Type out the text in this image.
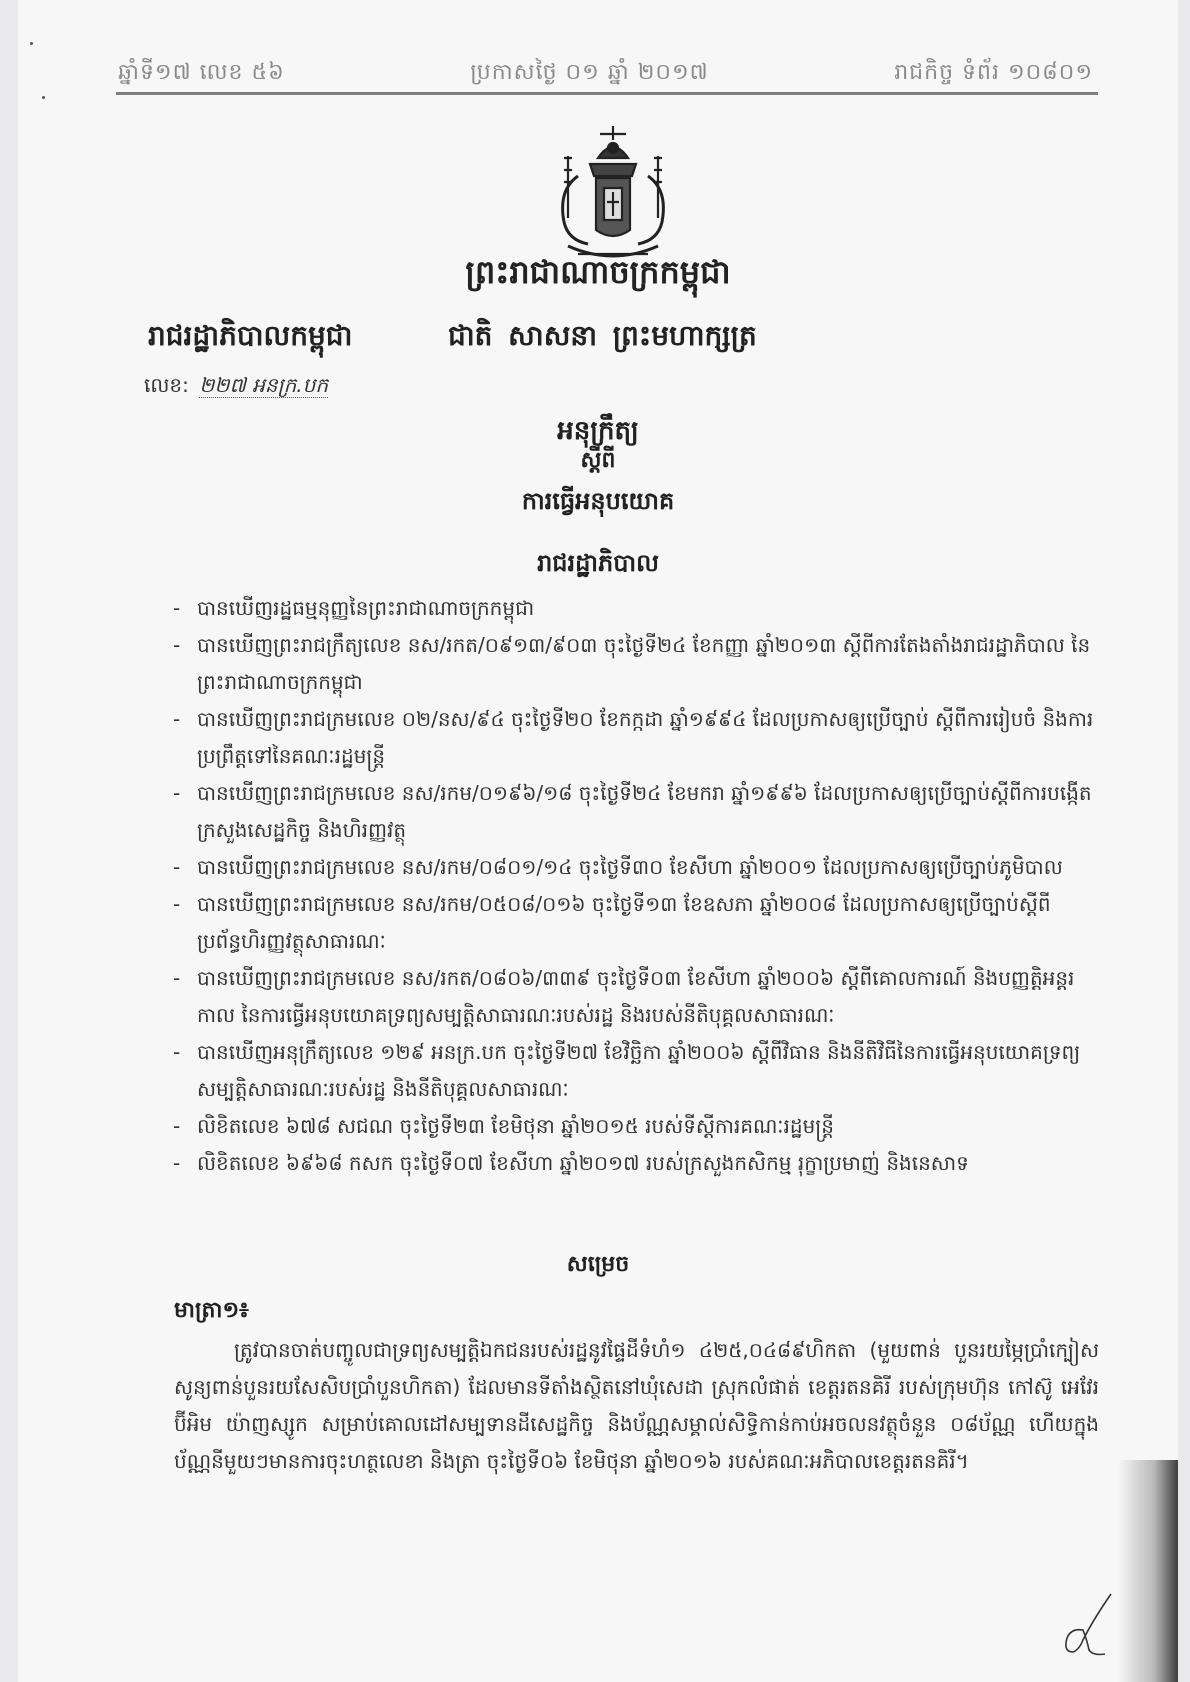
ឆ្នាំទី១៧ លេខ ៥៦	ប្រកាសថ្ងៃ ០១ ឆ្នាំ ២០១៧	រាជកិច្ច ទំព័រ ១០៨០១
ព្រះរាជាណាចក្រកម្ពុជា
រាជរដ្ឋាភិបាលកម្ពុជា	ជាតិ សាសនា ព្រះមហាក្សត្រ
លេខ: ២២៧ អនក្រ.បក
អនុក្រឹត្យ
ស្តីពី
ការធ្វើអនុបយោគ
រាជរដ្ឋាភិបាល
- បានឃើញរដ្ឋធម្មនុញ្ញនៃព្រះរាជាណាចក្រកម្ពុជា
- បានឃើញព្រះរាជក្រឹត្យលេខ នស/រកត/០៩១៣/៩០៣ ចុះថ្ងៃទី២៤ ខែកញ្ញា ឆ្នាំ២០១៣ ស្តីពីការតែងតាំងរាជរដ្ឋាភិបាល នៃព្រះរាជាណាចក្រកម្ពុជា
- បានឃើញព្រះរាជក្រមលេខ ០២/នស/៩៤ ចុះថ្ងៃទី២០ ខែកក្កដា ឆ្នាំ១៩៩៤ ដែលប្រកាសឲ្យប្រើច្បាប់ ស្តីពីការរៀបចំ និងការប្រព្រឹត្តទៅនៃគណៈរដ្ឋមន្ត្រី
- បានឃើញព្រះរាជក្រមលេខ នស/រកម/០១៩៦/១៨ ចុះថ្ងៃទី២៤ ខែមករា ឆ្នាំ១៩៩៦ ដែលប្រកាសឲ្យប្រើច្បាប់ស្តីពីការបង្កើតក្រសួងសេដ្ឋកិច្ច និងហិរញ្ញវត្ថុ
- បានឃើញព្រះរាជក្រមលេខ នស/រកម/០៨០១/១៤ ចុះថ្ងៃទី៣០ ខែសីហា ឆ្នាំ២០០១ ដែលប្រកាសឲ្យប្រើច្បាប់ភូមិបាល
- បានឃើញព្រះរាជក្រមលេខ នស/រកម/០៥០៨/០១៦ ចុះថ្ងៃទី១៣ ខែឧសភា ឆ្នាំ២០០៨ ដែលប្រកាសឲ្យប្រើច្បាប់ស្តីពីប្រព័ន្ធហិរញ្ញវត្ថុសាធារណៈ
- បានឃើញព្រះរាជក្រមលេខ នស/រកត/០៨០៦/៣៣៩ ចុះថ្ងៃទី០៣ ខែសីហា ឆ្នាំ២០០៦ ស្តីពីគោលការណ៍ និងបញ្ញត្តិអន្តរកាល នៃការធ្វើអនុបយោគទ្រព្យសម្បត្តិសាធារណៈរបស់រដ្ឋ និងរបស់នីតិបុគ្គលសាធារណៈ
- បានឃើញអនុក្រឹត្យលេខ ១២៩ អនក្រ.បក ចុះថ្ងៃទី២៧ ខែវិច្ឆិកា ឆ្នាំ២០០៦ ស្តីពីវិធាន និងនីតិវិធីនៃការធ្វើអនុបយោគទ្រព្យសម្បត្តិសាធារណៈរបស់រដ្ឋ និងនីតិបុគ្គលសាធារណៈ
- លិខិតលេខ ៦៧៨ សជណ ចុះថ្ងៃទី២៣ ខែមិថុនា ឆ្នាំ២០១៥ របស់ទីស្តីការគណៈរដ្ឋមន្ត្រី
- លិខិតលេខ ៦៩៦៨ កសក ចុះថ្ងៃទី០៧ ខែសីហា ឆ្នាំ២០១៧ របស់ក្រសួងកសិកម្ម រុក្ខាប្រមាញ់ និងនេសាទ
សម្រេច
មាត្រា១៖
ត្រូវបានចាត់បញ្ចូលជាទ្រព្យសម្បត្តិឯកជនរបស់រដ្ឋនូវផ្ទៃដីទំហំ១ ៤២៥,០៤៨៩ហិកតា (មួយពាន់ បួនរយម្ភៃប្រាំក្បៀសសូន្យពាន់បួនរយសែសិបប្រាំបួនហិកតា) ដែលមានទីតាំងស្ថិតនៅឃុំសេដា ស្រុកលំផាត់ ខេត្តរតនគិរី របស់ក្រុមហ៊ុន កៅស៊ូ អេវែរ ប៊ីអិម យ៉ាញស្សូក សម្រាប់គោលដៅសម្បទានដីសេដ្ឋកិច្ច និងប័ណ្ណសម្គាល់សិទ្ធិកាន់កាប់អចលនវត្ថុចំនួន ០៨ប័ណ្ណ ហើយក្នុងប័ណ្ណនីមួយៗមានការចុះហត្ថលេខា និងត្រា ចុះថ្ងៃទី០៦ ខែមិថុនា ឆ្នាំ២០១៦ របស់គណៈអភិបាលខេត្តរតនគិរី។
